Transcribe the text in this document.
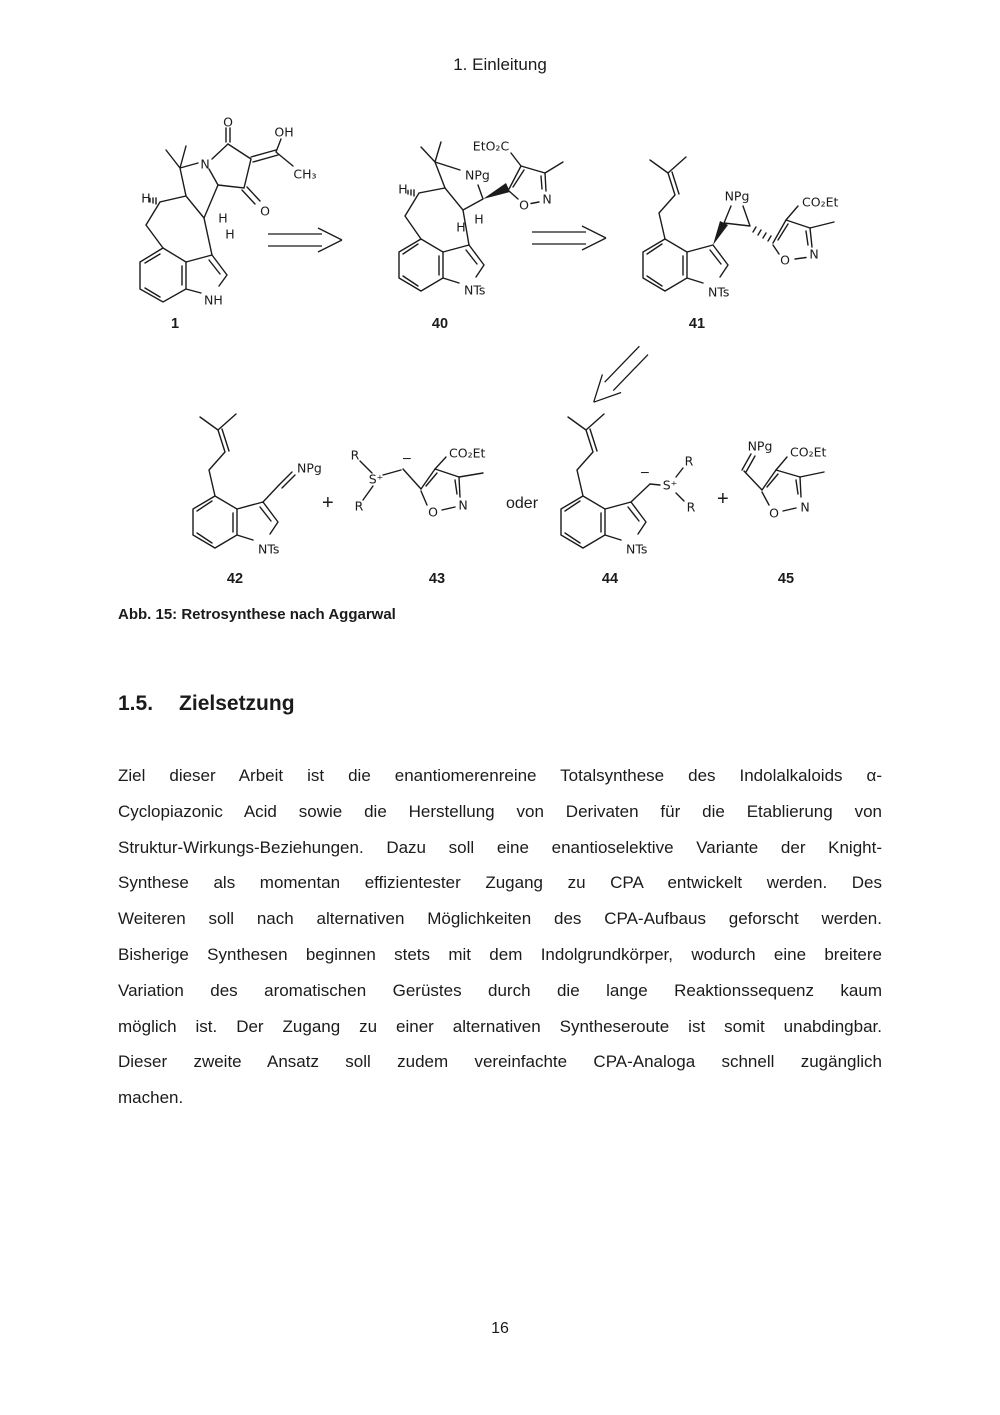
1. Einleitung
O
OH
CH₃
N
O
H
H
H
NH
EtO₂C
NPg
H
H
H
O N
NTs
NPg	CO₂Et
O N
NTs
NPg
NTs
+
R
S⁺
R
−	CO₂Et
O N oder
−
S⁺
R
R
NTs
+
NPg CO₂Et
O N
1	40	41
42	43	44	45
Abb. 15: Retrosynthese nach Aggarwal
1.5. Zielsetzung
Ziel dieser Arbeit ist die enantiomerenreine Totalsynthese des Indolalkaloids α-
Cyclopiazonic Acid sowie die Herstellung von Derivaten für die Etablierung von
Struktur-Wirkungs-Beziehungen. Dazu soll eine enantioselektive Variante der Knight-
Synthese als momentan effizientester Zugang zu CPA entwickelt werden. Des
Weiteren soll nach alternativen Möglichkeiten des CPA-Aufbaus geforscht werden.
Bisherige Synthesen beginnen stets mit dem Indolgrundkörper, wodurch eine breitere
Variation des aromatischen Gerüstes durch die lange Reaktionssequenz kaum
möglich ist. Der Zugang zu einer alternativen Syntheseroute ist somit unabdingbar.
Dieser zweite Ansatz soll zudem vereinfachte CPA-Analoga schnell zugänglich
machen.
16
